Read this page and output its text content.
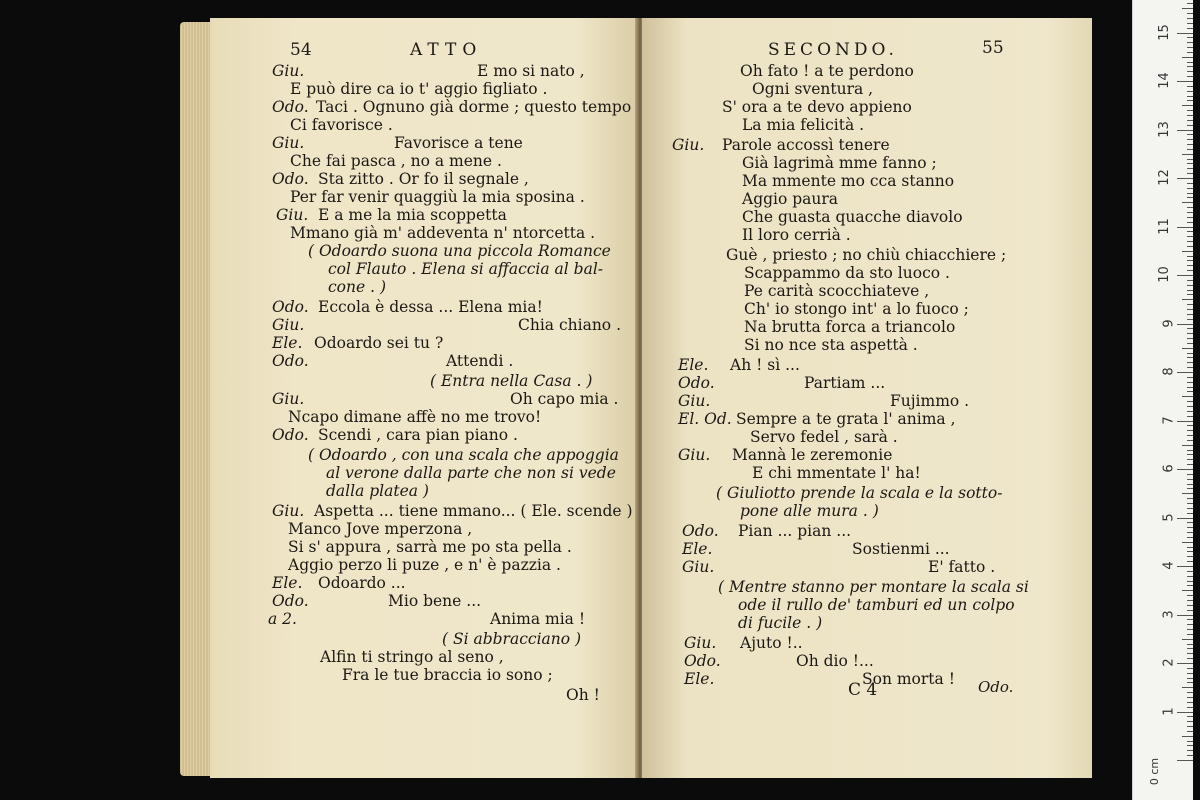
54	ATTO
Giu.	E mo si nato ,
E può dire ca io t' aggio figliato .
Odo. Taci . Ognuno già dorme ; questo tempo
Ci favorisce .
Giu.	Favorisce a tene
Che fai pasca , no a mene .
Odo. Sta zitto . Or fo il segnale ,
Per far venir quaggiù la mia sposina .
Giu. E a me la mia scoppetta
Mmano già m' addeventa n' ntorcetta .
( Odoardo suona una piccola Romance
col Flauto . Elena si affaccia al bal-
cone . )
Odo. Eccola è dessa ... Elena mia!
Giu.	Chia chiano .
Ele. Odoardo sei tu ?
Odo.	Attendi .
( Entra nella Casa . )
Giu.	Oh capo mia .
Ncapo dimane affè no me trovo!
Odo. Scendi , cara pian piano .
( Odoardo , con una scala che appoggia
al verone dalla parte che non si vede
dalla platea )
Giu. Aspetta ... tiene mmano... ( Ele. scende )
Manco Jove mperzona ,
Si s' appura , sarrà me po sta pella .
Aggio perzo li puze , e n' è pazzia .
Ele. Odoardo ...
Odo.	Mio bene ...
a 2.	Anima mia !
( Si abbracciano )
Alfin ti stringo al seno ,
Fra le tue braccia io sono ;
Oh !
SECONDO.	55
Oh fato ! a te perdono
Ogni sventura ,
S' ora a te devo appieno
La mia felicità .
Giu. Parole accossì tenere
Già lagrimà mme fanno ;
Ma mmente mo cca stanno
Aggio paura
Che guasta quacche diavolo
Il loro cerrià .
Guè , priesto ; no chiù chiacchiere ;
Scappammo da sto luoco .
Pe carità scocchiateve ,
Ch' io stongo int' a lo fuoco ;
Na brutta forca a triancolo
Si no nce sta aspettà .
Ele. Ah ! sì ...
Odo.	Partiam ...
Giu.	Fujimmo .
El. Od. Sempre a te grata l' anima ,
Servo fedel , sarà .
Giu. Mannà le zeremonie
E chi mmentate l' ha!
( Giuliotto prende la scala e la sotto-
pone alle mura . )
Odo. Pian ... pian ...
Ele.	Sostienmi ...
Giu.	E' fatto .
( Mentre stanno per montare la scala si
ode il rullo de' tamburi ed un colpo
di fucile . )
Giu. Ajuto !..
Odo.	Oh dio !...
Ele.	Son morta !
C 4	Odo.
1
2
3
4
5
6
7
8
9
10
11
12
13
14
15
0 cm
